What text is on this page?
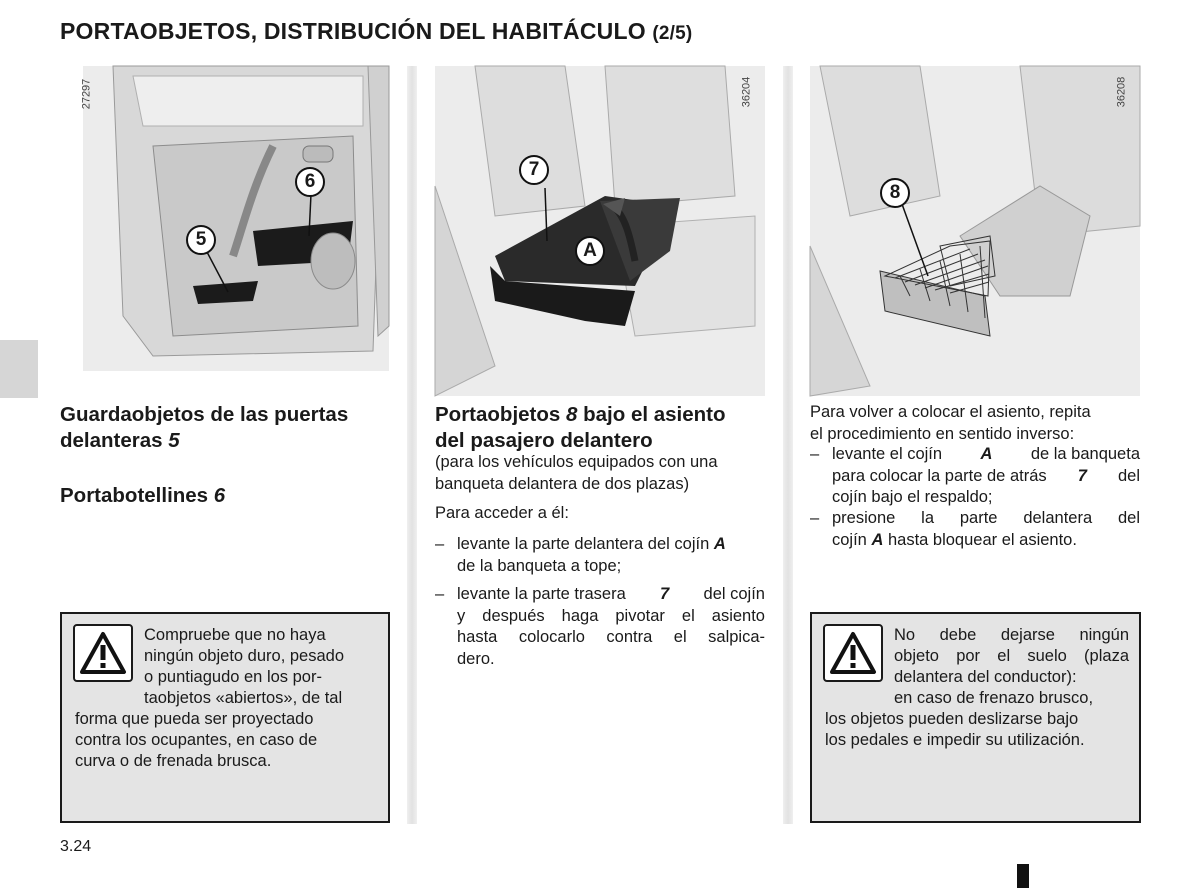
PORTAOBJETOS, DISTRIBUCIÓN DEL HABITÁCULO (2/5)
27297
6
5
36204
7
A
36208
8
Guardaobjetos de las puertas
delanteras 5
Portabotellines 6
Compruebe que no haya
ningún objeto duro, pesado
o puntiagudo en los por-
taobjetos «abiertos», de tal
forma que pueda ser proyectado
contra los ocupantes, en caso de
curva o de frenada brusca.
Portaobjetos 8 bajo el asiento
del pasajero delantero
(para los vehículos equipados con una
banqueta delantera de dos plazas)
Para acceder a él:
– levante la parte delantera del cojín A
de la banqueta a tope;
– levante la parte trasera 7 del cojín
y después haga pivotar el asiento
hasta colocarlo contra el salpica-
dero.
Para volver a colocar el asiento, repita
el procedimiento en sentido inverso:
– levante el cojín A de la banqueta
para colocar la parte de atrás 7 del
cojín bajo el respaldo;
– presione la parte delantera del
cojín A hasta bloquear el asiento.
No debe dejarse ningún
objeto por el suelo (plaza
delantera del conductor):
en caso de frenazo brusco,
los objetos pueden deslizarse bajo
los pedales e impedir su utilización.
3.24
